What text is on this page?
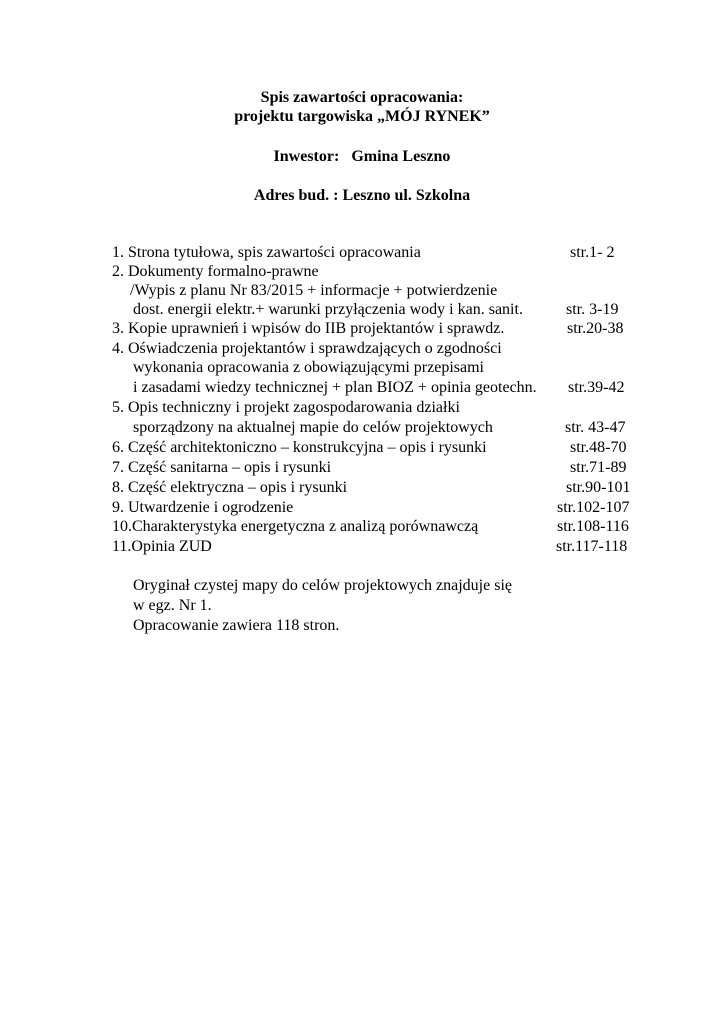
Spis zawartości opracowania:
projektu targowiska „MÓJ RYNEK”
Inwestor: Gmina Leszno
Adres bud. : Leszno ul. Szkolna
1. Strona tytułowa, spis zawartości opracowania	str.1- 2
2. Dokumenty formalno-prawne
/Wypis z planu Nr 83/2015 + informacje + potwierdzenie
dost. energii elektr.+ warunki przyłączenia wody i kan. sanit.	str. 3-19
3. Kopie uprawnień i wpisów do IIB projektantów i sprawdz.	str.20-38
4. Oświadczenia projektantów i sprawdzających o zgodności
wykonania opracowania z obowiązującymi przepisami
i zasadami wiedzy technicznej + plan BIOZ + opinia geotechn. str.39-42
5. Opis techniczny i projekt zagospodarowania działki
sporządzony na aktualnej mapie do celów projektowych	str. 43-47
6. Część architektoniczno – konstrukcyjna – opis i rysunki	str.48-70
7. Część sanitarna – opis i rysunki	str.71-89
8. Część elektryczna – opis i rysunki	str.90-101
9. Utwardzenie i ogrodzenie	str.102-107
10.Charakterystyka energetyczna z analizą porównawczą	str.108-116
11.Opinia ZUD	str.117-118
Oryginał czystej mapy do celów projektowych znajduje się
w egz. Nr 1.
Opracowanie zawiera 118 stron.
